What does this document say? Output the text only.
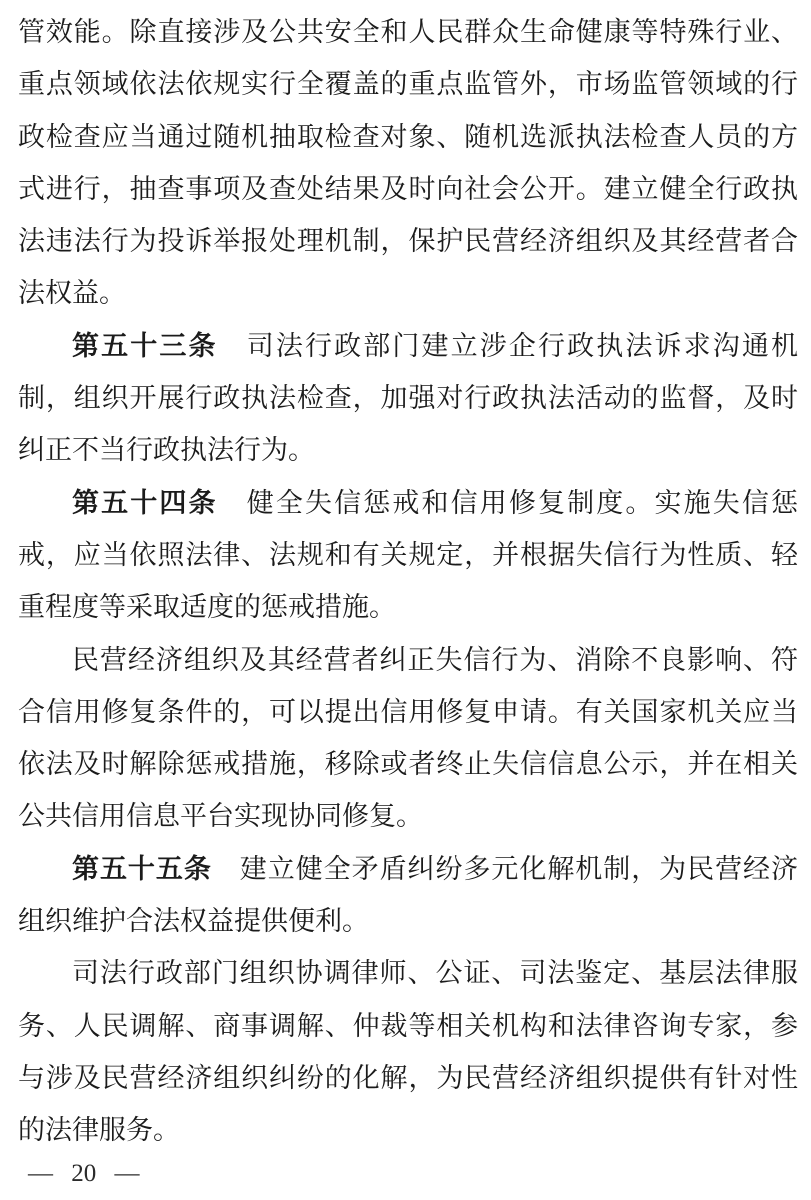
管效能。除直接涉及公共安全和人民群众生命健康等特殊行业、重点领域依法依规实行全覆盖的重点监管外，市场监管领域的行政检查应当通过随机抽取检查对象、随机选派执法检查人员的方式进行，抽查事项及查处结果及时向社会公开。建立健全行政执法违法行为投诉举报处理机制，保护民营经济组织及其经营者合法权益。

第五十三条　司法行政部门建立涉企行政执法诉求沟通机制，组织开展行政执法检查，加强对行政执法活动的监督，及时纠正不当行政执法行为。

第五十四条　健全失信惩戒和信用修复制度。实施失信惩戒，应当依照法律、法规和有关规定，并根据失信行为性质、轻重程度等采取适度的惩戒措施。

民营经济组织及其经营者纠正失信行为、消除不良影响、符合信用修复条件的，可以提出信用修复申请。有关国家机关应当依法及时解除惩戒措施，移除或者终止失信信息公示，并在相关公共信用信息平台实现协同修复。

第五十五条　建立健全矛盾纠纷多元化解机制，为民营经济组织维护合法权益提供便利。

司法行政部门组织协调律师、公证、司法鉴定、基层法律服务、人民调解、商事调解、仲裁等相关机构和法律咨询专家，参与涉及民营经济组织纠纷的化解，为民营经济组织提供有针对性的法律服务。

— 20 —
